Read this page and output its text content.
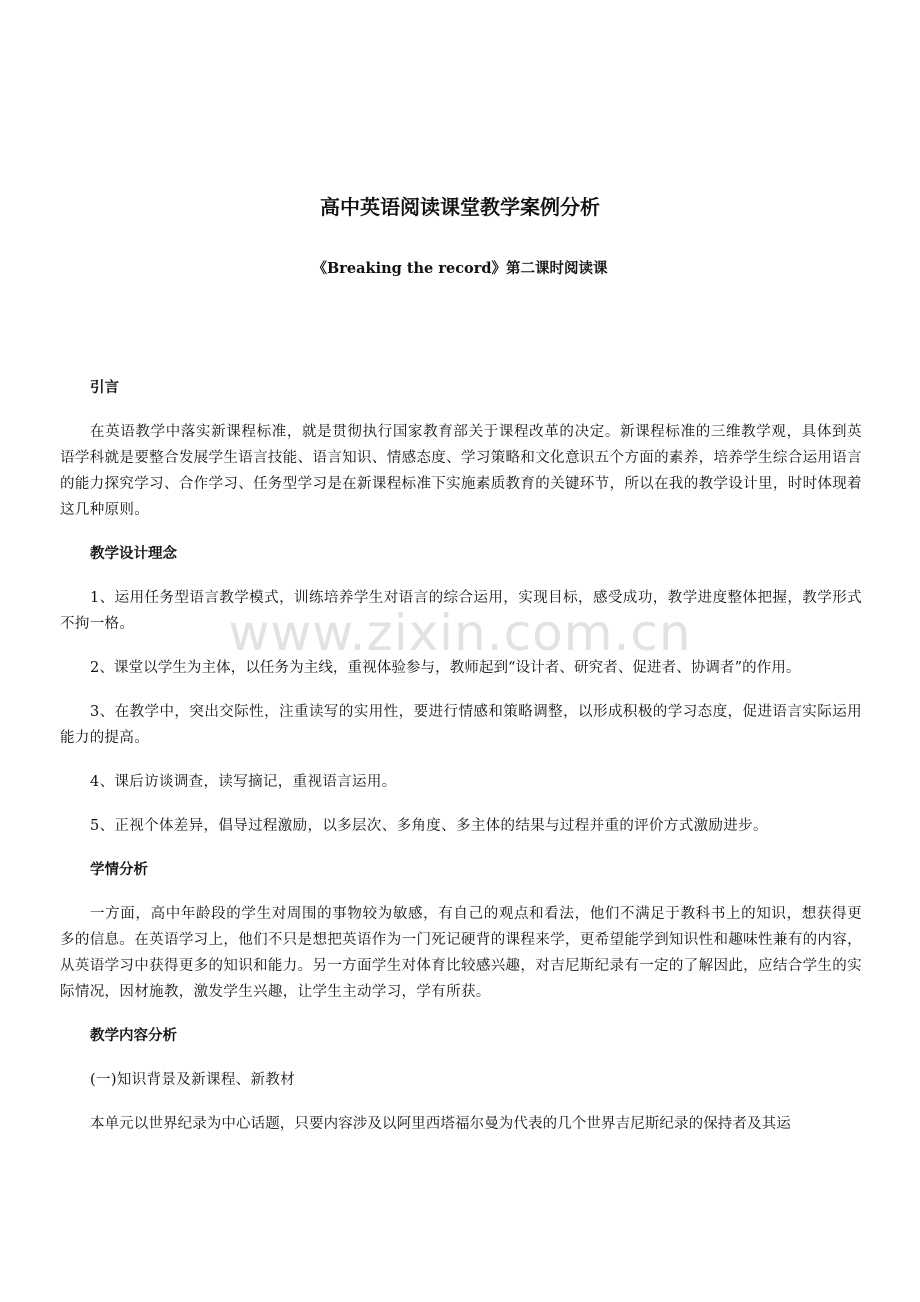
www.zixin.com.cn
高中英语阅读课堂教学案例分析
《Breaking the record》第二课时阅读课
引言

在英语教学中落实新课程标准，就是贯彻执行国家教育部关于课程改革的决定。新课程标准的三维教学观，具体到英语学科就是要整合发展学生语言技能、语言知识、情感态度、学习策略和文化意识五个方面的素养，培养学生综合运用语言的能力探究学习、合作学习、任务型学习是在新课程标准下实施素质教育的关键环节，所以在我的教学设计里，时时体现着这几种原则。

教学设计理念

1、运用任务型语言教学模式，训练培养学生对语言的综合运用，实现目标，感受成功，教学进度整体把握，教学形式不拘一格。

2、课堂以学生为主体，以任务为主线，重视体验参与，教师起到“设计者、研究者、促进者、协调者”的作用。

3、在教学中，突出交际性，注重读写的实用性，要进行情感和策略调整，以形成积极的学习态度，促进语言实际运用能力的提高。

4、课后访谈调查，读写摘记，重视语言运用。

5、正视个体差异，倡导过程激励，以多层次、多角度、多主体的结果与过程并重的评价方式激励进步。

学情分析

一方面，高中年龄段的学生对周围的事物较为敏感，有自己的观点和看法，他们不满足于教科书上的知识，想获得更多的信息。在英语学习上，他们不只是想把英语作为一门死记硬背的课程来学，更希望能学到知识性和趣味性兼有的内容，从英语学习中获得更多的知识和能力。另一方面学生对体育比较感兴趣，对吉尼斯纪录有一定的了解因此，应结合学生的实际情况，因材施教，激发学生兴趣，让学生主动学习，学有所获。

教学内容分析

(一)知识背景及新课程、新教材

本单元以世界纪录为中心话题，只要内容涉及以阿里西塔福尔曼为代表的几个世界吉尼斯纪录的保持者及其运
